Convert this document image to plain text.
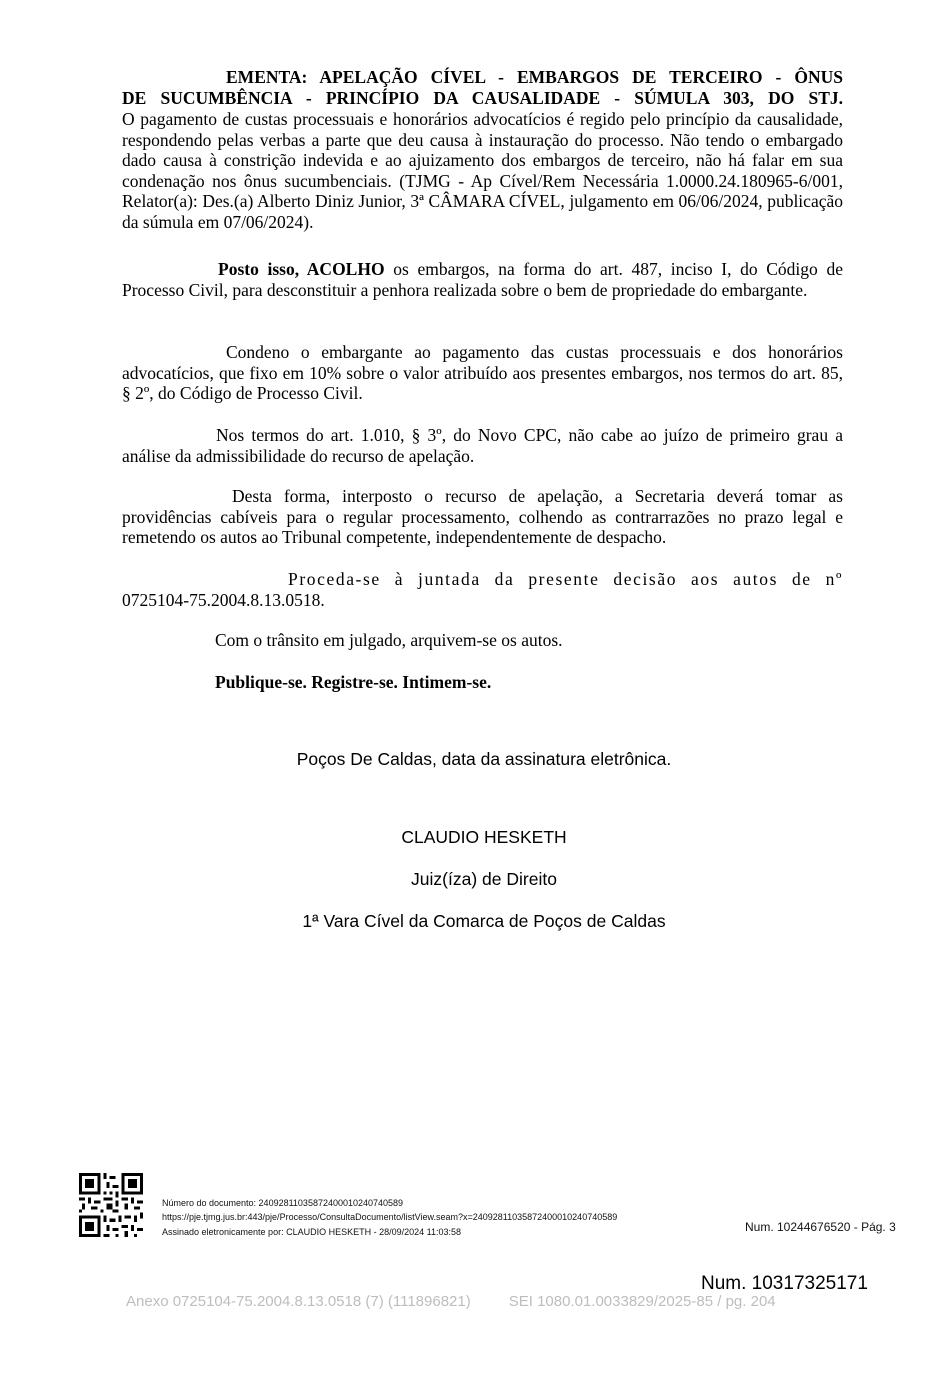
EMENTA: APELAÇÃO CÍVEL - EMBARGOS DE TERCEIRO - ÔNUS
DE SUCUMBÊNCIA - PRINCÍPIO DA CAUSALIDADE - SÚMULA 303, DO STJ.
O pagamento de custas processuais e honorários advocatícios é regido pelo princípio da causalidade, respondendo pelas verbas a parte que deu causa à instauração do processo. Não tendo o embargado dado causa à constrição indevida e ao ajuizamento dos embargos de terceiro, não há falar em sua condenação nos ônus sucumbenciais. (TJMG - Ap Cível/Rem Necessária 1.0000.24.180965-6/001, Relator(a): Des.(a) Alberto Diniz Junior, 3ª CÂMARA CÍVEL, julgamento em 06/06/2024, publicação da súmula em 07/06/2024).
Posto isso, ACOLHO os embargos, na forma do art. 487, inciso I, do Código de Processo Civil, para desconstituir a penhora realizada sobre o bem de propriedade do embargante.
Condeno o embargante ao pagamento das custas processuais e dos honorários advocatícios, que fixo em 10% sobre o valor atribuído aos presentes embargos, nos termos do art. 85, § 2º, do Código de Processo Civil.
Nos termos do art. 1.010, § 3º, do Novo CPC, não cabe ao juízo de primeiro grau a análise da admissibilidade do recurso de apelação.
Desta forma, interposto o recurso de apelação, a Secretaria deverá tomar as providências cabíveis para o regular processamento, colhendo as contrarrazões no prazo legal e remetendo os autos ao Tribunal competente, independentemente de despacho.
Proceda-se à juntada da presente decisão aos autos de nº
0725104-75.2004.8.13.0518.
Com o trânsito em julgado, arquivem-se os autos.
Publique-se. Registre-se. Intimem-se.
Poços De Caldas, data da assinatura eletrônica.
CLAUDIO HESKETH
Juiz(íza) de Direito
1ª Vara Cível da Comarca de Poços de Caldas
Número do documento: 24092811035872400010240740589
https://pje.tjmg.jus.br:443/pje/Processo/ConsultaDocumento/listView.seam?x=24092811035872400010240740589
Assinado eletronicamente por: CLAUDIO HESKETH - 28/09/2024 11:03:58	Num. 10244676520 - Pág. 3
Num. 10317325171
Anexo 0725104-75.2004.8.13.0518 (7) (111896821)	SEI 1080.01.0033829/2025-85 / pg. 204
